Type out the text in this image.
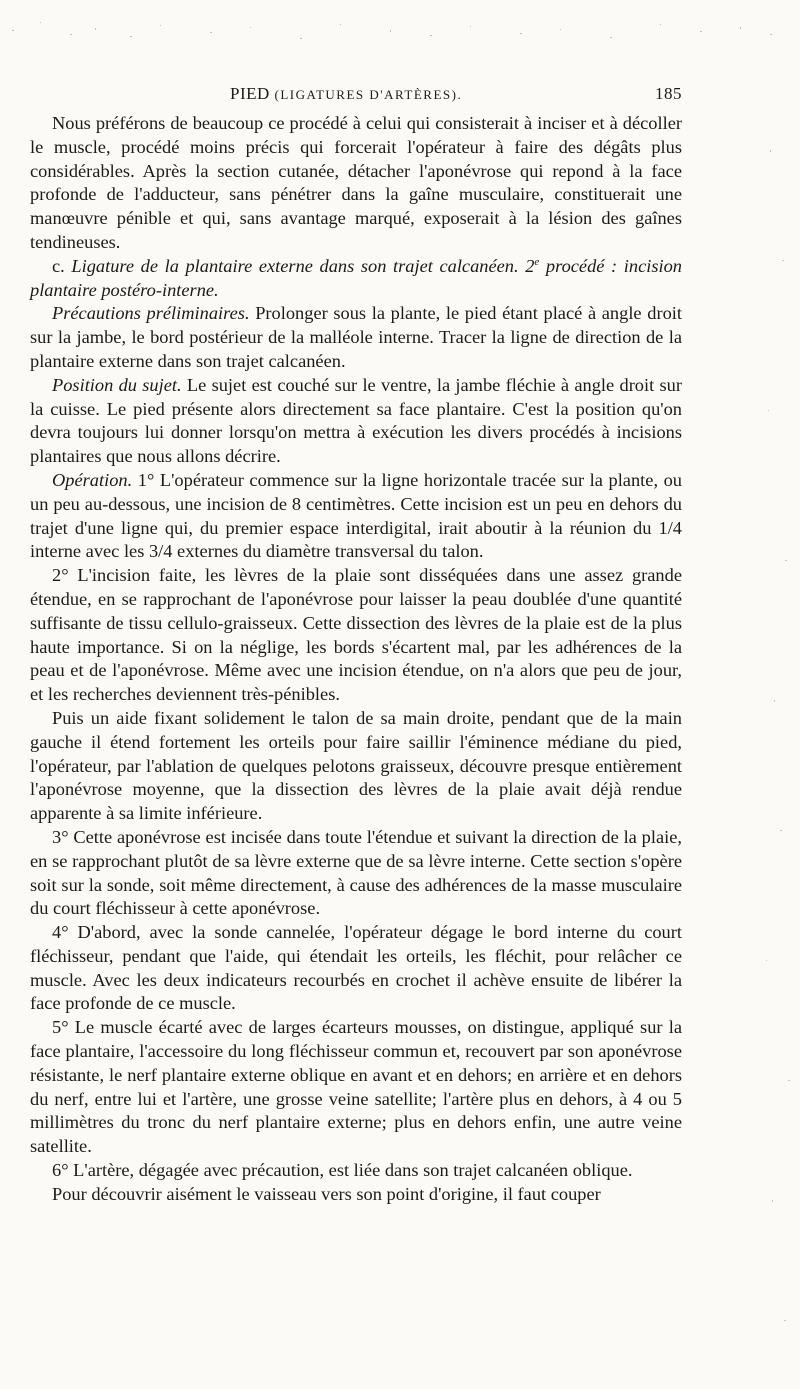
PIED (LIGATURES D'ARTÈRES).	185

Nous préférons de beaucoup ce procédé à celui qui consisterait à inciser et à décoller le muscle, procédé moins précis qui forcerait l'opérateur à faire des dégâts plus considérables. Après la section cutanée, détacher l'aponévrose qui repond à la face profonde de l'adducteur, sans pénétrer dans la gaîne musculaire, constituerait une manœuvre pénible et qui, sans avantage marqué, exposerait à la lésion des gaînes tendineuses.

c. Ligature de la plantaire externe dans son trajet calcanéen. 2e procédé : incision plantaire postéro-interne.

Précautions préliminaires. Prolonger sous la plante, le pied étant placé à angle droit sur la jambe, le bord postérieur de la malléole interne. Tracer la ligne de direction de la plantaire externe dans son trajet calcanéen.

Position du sujet. Le sujet est couché sur le ventre, la jambe fléchie à angle droit sur la cuisse. Le pied présente alors directement sa face plantaire. C'est la position qu'on devra toujours lui donner lorsqu'on mettra à exécution les divers procédés à incisions plantaires que nous allons décrire.

Opération. 1° L'opérateur commence sur la ligne horizontale tracée sur la plante, ou un peu au-dessous, une incision de 8 centimètres. Cette incision est un peu en dehors du trajet d'une ligne qui, du premier espace interdigital, irait aboutir à la réunion du 1/4 interne avec les 3/4 externes du diamètre transversal du talon.

2° L'incision faite, les lèvres de la plaie sont disséquées dans une assez grande étendue, en se rapprochant de l'aponévrose pour laisser la peau doublée d'une quantité suffisante de tissu cellulo-graisseux. Cette dissection des lèvres de la plaie est de la plus haute importance. Si on la néglige, les bords s'écartent mal, par les adhérences de la peau et de l'aponévrose. Même avec une incision étendue, on n'a alors que peu de jour, et les recherches deviennent très-pénibles.

Puis un aide fixant solidement le talon de sa main droite, pendant que de la main gauche il étend fortement les orteils pour faire saillir l'éminence médiane du pied, l'opérateur, par l'ablation de quelques pelotons graisseux, découvre presque entièrement l'aponévrose moyenne, que la dissection des lèvres de la plaie avait déjà rendue apparente à sa limite inférieure.

3° Cette aponévrose est incisée dans toute l'étendue et suivant la direction de la plaie, en se rapprochant plutôt de sa lèvre externe que de sa lèvre interne. Cette section s'opère soit sur la sonde, soit même directement, à cause des adhérences de la masse musculaire du court fléchisseur à cette aponévrose.

4° D'abord, avec la sonde cannelée, l'opérateur dégage le bord interne du court fléchisseur, pendant que l'aide, qui étendait les orteils, les fléchit, pour relâcher ce muscle. Avec les deux indicateurs recourbés en crochet il achève ensuite de libérer la face profonde de ce muscle.

5° Le muscle écarté avec de larges écarteurs mousses, on distingue, appliqué sur la face plantaire, l'accessoire du long fléchisseur commun et, recouvert par son aponévrose résistante, le nerf plantaire externe oblique en avant et en dehors; en arrière et en dehors du nerf, entre lui et l'artère, une grosse veine satellite; l'artère plus en dehors, à 4 ou 5 millimètres du tronc du nerf plantaire externe; plus en dehors enfin, une autre veine satellite.

6° L'artère, dégagée avec précaution, est liée dans son trajet calcanéen oblique.

Pour découvrir aisément le vaisseau vers son point d'origine, il faut couper
